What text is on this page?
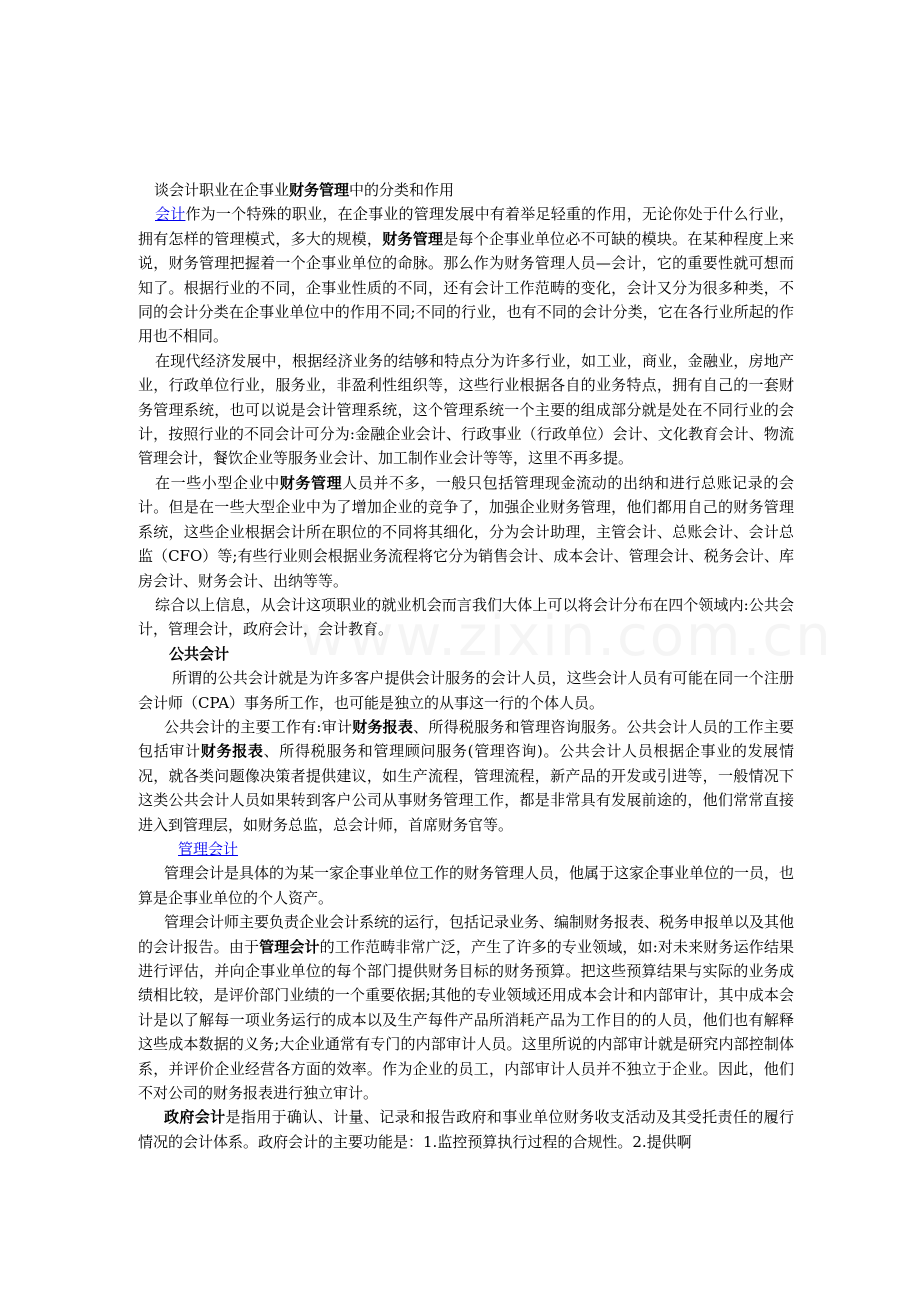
谈会计职业在企事业财务管理中的分类和作用

会计作为一个特殊的职业，在企事业的管理发展中有着举足轻重的作用，无论你处于什么行业，拥有怎样的管理模式，多大的规模，财务管理是每个企事业单位必不可缺的模块。在某种程度上来说，财务管理把握着一个企事业单位的命脉。那么作为财务管理人员—会计，它的重要性就可想而知了。根据行业的不同，企事业性质的不同，还有会计工作范畴的变化，会计又分为很多种类，不同的会计分类在企事业单位中的作用不同;不同的行业，也有不同的会计分类，它在各行业所起的作用也不相同。

在现代经济发展中，根据经济业务的结够和特点分为许多行业，如工业，商业，金融业，房地产业，行政单位行业，服务业，非盈利性组织等，这些行业根据各自的业务特点，拥有自己的一套财务管理系统，也可以说是会计管理系统，这个管理系统一个主要的组成部分就是处在不同行业的会计，按照行业的不同会计可分为:金融企业会计、行政事业（行政单位）会计、文化教育会计、物流管理会计，餐饮企业等服务业会计、加工制作业会计等等，这里不再多提。

在一些小型企业中财务管理人员并不多，一般只包括管理现金流动的出纳和进行总账记录的会计。但是在一些大型企业中为了增加企业的竞争了，加强企业财务管理，他们都用自己的财务管理系统，这些企业根据会计所在职位的不同将其细化，分为会计助理，主管会计、总账会计、会计总监（CFO）等;有些行业则会根据业务流程将它分为销售会计、成本会计、管理会计、税务会计、库房会计、财务会计、出纳等等。

综合以上信息，从会计这项职业的就业机会而言我们大体上可以将会计分布在四个领域内:公共会计，管理会计，政府会计，会计教育。

公共会计

所谓的公共会计就是为许多客户提供会计服务的会计人员，这些会计人员有可能在同一个注册会计师（CPA）事务所工作，也可能是独立的从事这一行的个体人员。

公共会计的主要工作有:审计财务报表、所得税服务和管理咨询服务。公共会计人员的工作主要包括审计财务报表、所得税服务和管理顾问服务(管理咨询)。公共会计人员根据企事业的发展情况，就各类问题像决策者提供建议，如生产流程，管理流程，新产品的开发或引进等，一般情况下这类公共会计人员如果转到客户公司从事财务管理工作，都是非常具有发展前途的，他们常常直接进入到管理层，如财务总监，总会计师，首席财务官等。

管理会计

管理会计是具体的为某一家企事业单位工作的财务管理人员，他属于这家企事业单位的一员，也算是企事业单位的个人资产。

管理会计师主要负责企业会计系统的运行，包括记录业务、编制财务报表、税务申报单以及其他的会计报告。由于管理会计的工作范畴非常广泛，产生了许多的专业领域，如:对未来财务运作结果进行评估，并向企事业单位的每个部门提供财务目标的财务预算。把这些预算结果与实际的业务成绩相比较，是评价部门业绩的一个重要依据;其他的专业领域还用成本会计和内部审计，其中成本会计是以了解每一项业务运行的成本以及生产每件产品所消耗产品为工作目的的人员，他们也有解释这些成本数据的义务;大企业通常有专门的内部审计人员。这里所说的内部审计就是研究内部控制体系，并评价企业经营各方面的效率。作为企业的员工，内部审计人员并不独立于企业。因此，他们不对公司的财务报表进行独立审计。

政府会计是指用于确认、计量、记录和报告政府和事业单位财务收支活动及其受托责任的履行情况的会计体系。政府会计的主要功能是：1.监控预算执行过程的合规性。2.提供啊
